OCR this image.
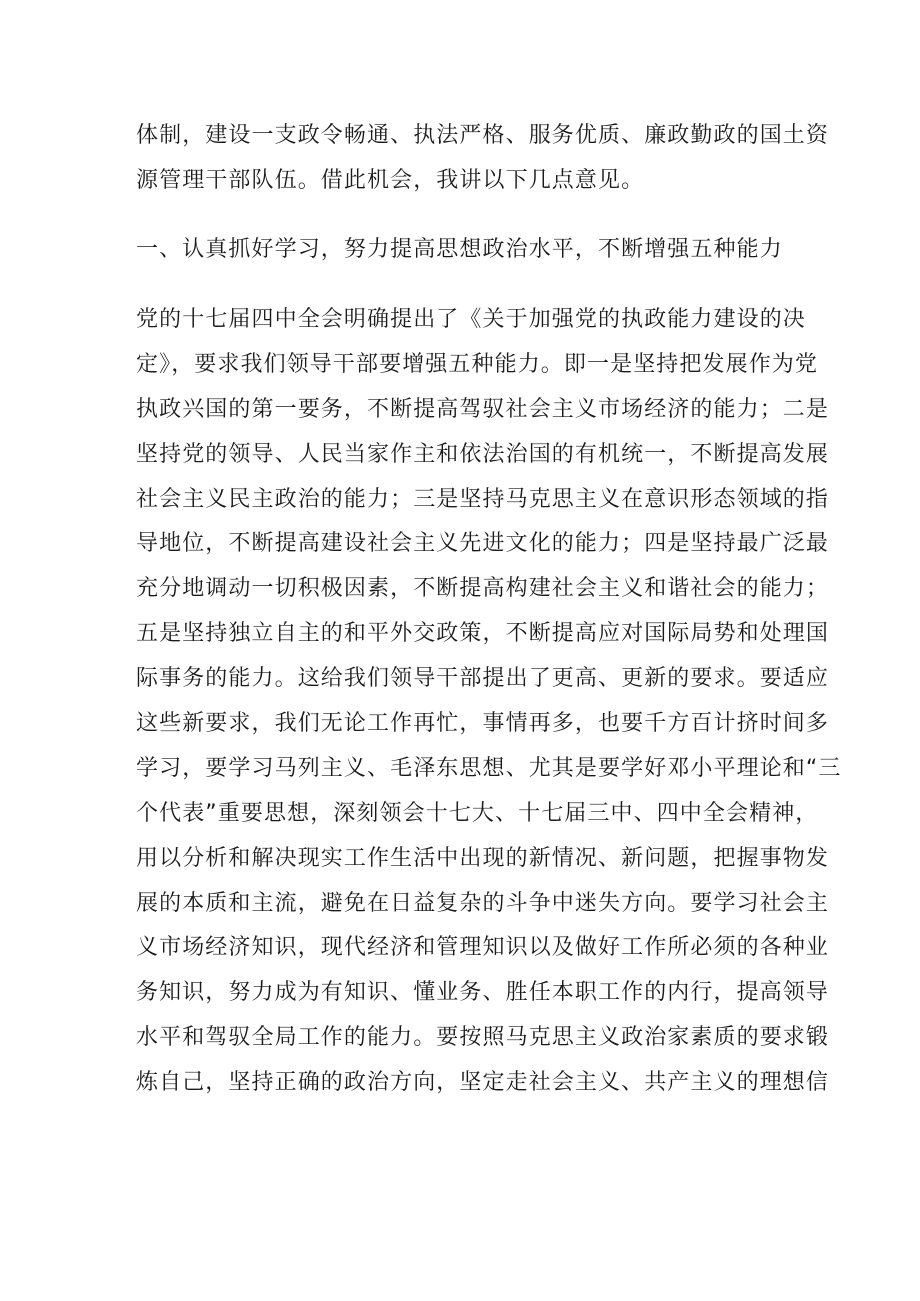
体制，建设一支政令畅通、执法严格、服务优质、廉政勤政的国土资
源管理干部队伍。借此机会，我讲以下几点意见。
一、认真抓好学习，努力提高思想政治水平，不断增强五种能力
党的十七届四中全会明确提出了《关于加强党的执政能力建设的决
定》，要求我们领导干部要增强五种能力。即一是坚持把发展作为党
执政兴国的第一要务，不断提高驾驭社会主义市场经济的能力；二是
坚持党的领导、人民当家作主和依法治国的有机统一，不断提高发展
社会主义民主政治的能力；三是坚持马克思主义在意识形态领域的指
导地位，不断提高建设社会主义先进文化的能力；四是坚持最广泛最
充分地调动一切积极因素，不断提高构建社会主义和谐社会的能力；
五是坚持独立自主的和平外交政策，不断提高应对国际局势和处理国
际事务的能力。这给我们领导干部提出了更高、更新的要求。要适应
这些新要求，我们无论工作再忙，事情再多，也要千方百计挤时间多
学习，要学习马列主义、毛泽东思想、尤其是要学好邓小平理论和“三
个代表”重要思想，深刻领会十七大、十七届三中、四中全会精神，
用以分析和解决现实工作生活中出现的新情况、新问题，把握事物发
展的本质和主流，避免在日益复杂的斗争中迷失方向。要学习社会主
义市场经济知识，现代经济和管理知识以及做好工作所必须的各种业
务知识，努力成为有知识、懂业务、胜任本职工作的内行，提高领导
水平和驾驭全局工作的能力。要按照马克思主义政治家素质的要求锻
炼自己，坚持正确的政治方向，坚定走社会主义、共产主义的理想信
